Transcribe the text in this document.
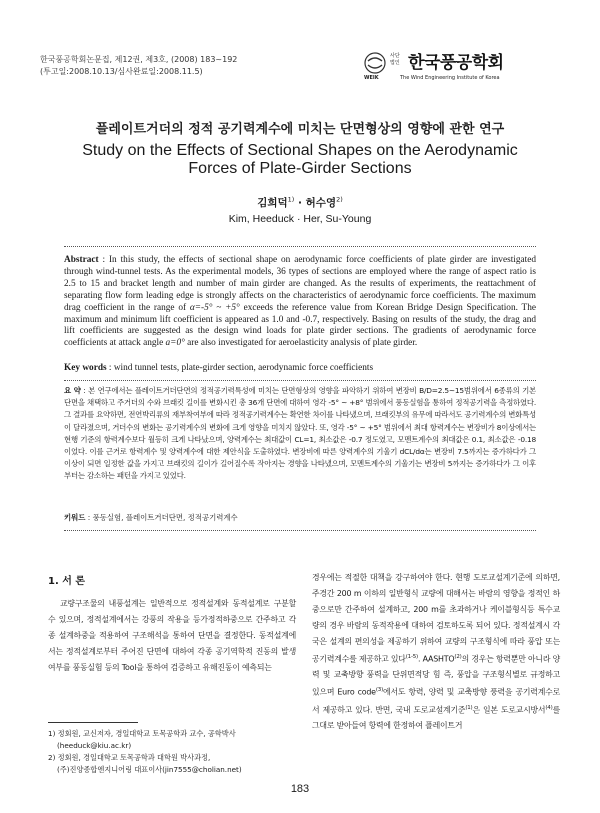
한국풍공학회논문집, 제12권, 제3호, (2008) 183~192
(투고일:2008.10.13/심사완료일:2008.11.5)
사단
법인 한국풍공학회
WEIK	The Wind Engineering Institute of Korea
플레이트거더의 정적 공기력계수에 미치는 단면형상의 영향에 관한 연구
Study on the Effects of Sectional Shapes on the Aerodynamic Forces of Plate-Girder Sections
김희덕$^{1)}$ · 허수영$^{2)}$
Kim, Heeduck · Her, Su-Young

Abstract : In this study, the effects of sectional shape on aerodynamic force coefficients of plate girder are investigated through wind-tunnel tests. As the experimental models, 36 types of sections are employed where the range of aspect ratio is 2.5 to 15 and bracket length and number of main girder are changed. As the results of experiments, the reattachment of separating flow form leading edge is strongly affects on the characteristics of aerodynamic force coefficients. The maximum drag coefficient in the range of α=-5° ~ +5° exceeds the reference value from Korean Bridge Design Specification. The maximum and minimum lift coefficient is appeared as 1.0 and -0.7, respectively. Basing on results of the study, the drag and lift coefficients are suggested as the design wind loads for plate girder sections. The gradients of aerodynamic force coefficients at attack angle a=0° are also investigated for aeroelasticity analysis of plate girder.

Key words : wind tunnel tests, plate-girder section, aerodynamic force coefficients

요 약 : 본 연구에서는 플레이트거더단면의 정적공기력특성에 미치는 단면형상의 영향을 파악하기 위하여 변장비 B/D=2.5~15범위에서 6종류의 기본단면을 채택하고 주거더의 수와 브래킷 길이를 변화시킨 총 36개 단면에 대하여 영각 -5° ~ +8° 범위에서 풍동실험을 통하여 정적공기력을 측정하였다. 그 결과를 요약하면, 전연박리류의 재부착여부에 따라 정적공기력계수는 확연한 차이를 나타냈으며, 브래킷부의 유무에 따라서도 공기력계수의 변화특성이 달라졌으며, 거더수의 변화는 공기력계수의 변화에 크게 영향을 미치지 않았다. 또, 영각 -5° ~ +5° 범위에서 최대 항력계수는 변장비가 8이상에서는 현행 기준의 항력계수보다 월등히 크게 나타났으며, 양력계수는 최대값이 CL=1, 최소값은 -0.7 정도였고, 모멘트계수의 최대값은 0.1, 최소값은 -0.18이었다. 이를 근거로 항력계수 및 양력계수에 대한 제안식을 도출하였다. 변장비에 따른 양력계수의 기울기 dCL/dα는 변장비 7.5까지는 증가하다가 그 이상이 되면 일정한 값을 가지고 브래킷의 길이가 길어질수록 작아지는 경향을 나타냈으며, 모멘트계수의 기울기는 변장비 5까지는 증가하다가 그 이후부터는 감소하는 패턴을 가지고 있었다.

키워드 : 풍동실험, 플레이트거더단면, 정적공기력계수

1. 서 론

교량구조물의 내풍설계는 일반적으로 정적설계와 동적설계로 구분할 수 있으며, 정적설계에서는 강풍의 작용을 등가정적하중으로 간주하고 각종 설계하중을 적용하여 구조해석을 통하여 단면을 결정한다. 동적설계에서는 정적설계로부터 주어진 단면에 대하여 각종 공기역학적 진동의 발생여부를 풍동실험 등의 Tool을 통하여 검증하고 유해진동이 예측되는

경우에는 적절한 대책을 강구하여야 한다. 현행 도로교설계기준에 의하면, 주경간 200 m 이하의 일반형식 교량에 대해서는 바람의 영향을 정적인 하중으로만 간주하여 설계하고, 200 m를 초과하거나 케이블형식등 특수교량의 경우 바람의 동적작용에 대하여 검토하도록 되어 있다. 정적설계시 각국은 설계의 편의성을 제공하기 위하여 교량의 구조형식에 따라 풍압 또는 공기력계수를 제공하고 있다$^{(1-5)}$. AASHTO$^{(2)}$의 경우는 항력뿐만 아니라 양력 및 교축방향 풍력을 단위면적당 힘 즉, 풍압을 구조형식별로 규정하고 있으며 Euro code$^{(3)}$에서도 항력, 양력 및 교축방향 풍력을 공기력계수로서 제공하고 있다. 반면, 국내 도로교설계기준$^{(1)}$은 일본 도로교시방서$^{(4)}$를 그대로 받아들여 항력에 한정하여 플레이트거

1) 정회원, 교신저자, 경일대학교 토목공학과 교수, 공학박사
(heeduck@kiu.ac.kr)
2) 정회원, 경일대학교 토목공학과 대학원 박사과정,
(주)진양종합엔지니어링 대표이사(jin7555@cholian.net)
183
